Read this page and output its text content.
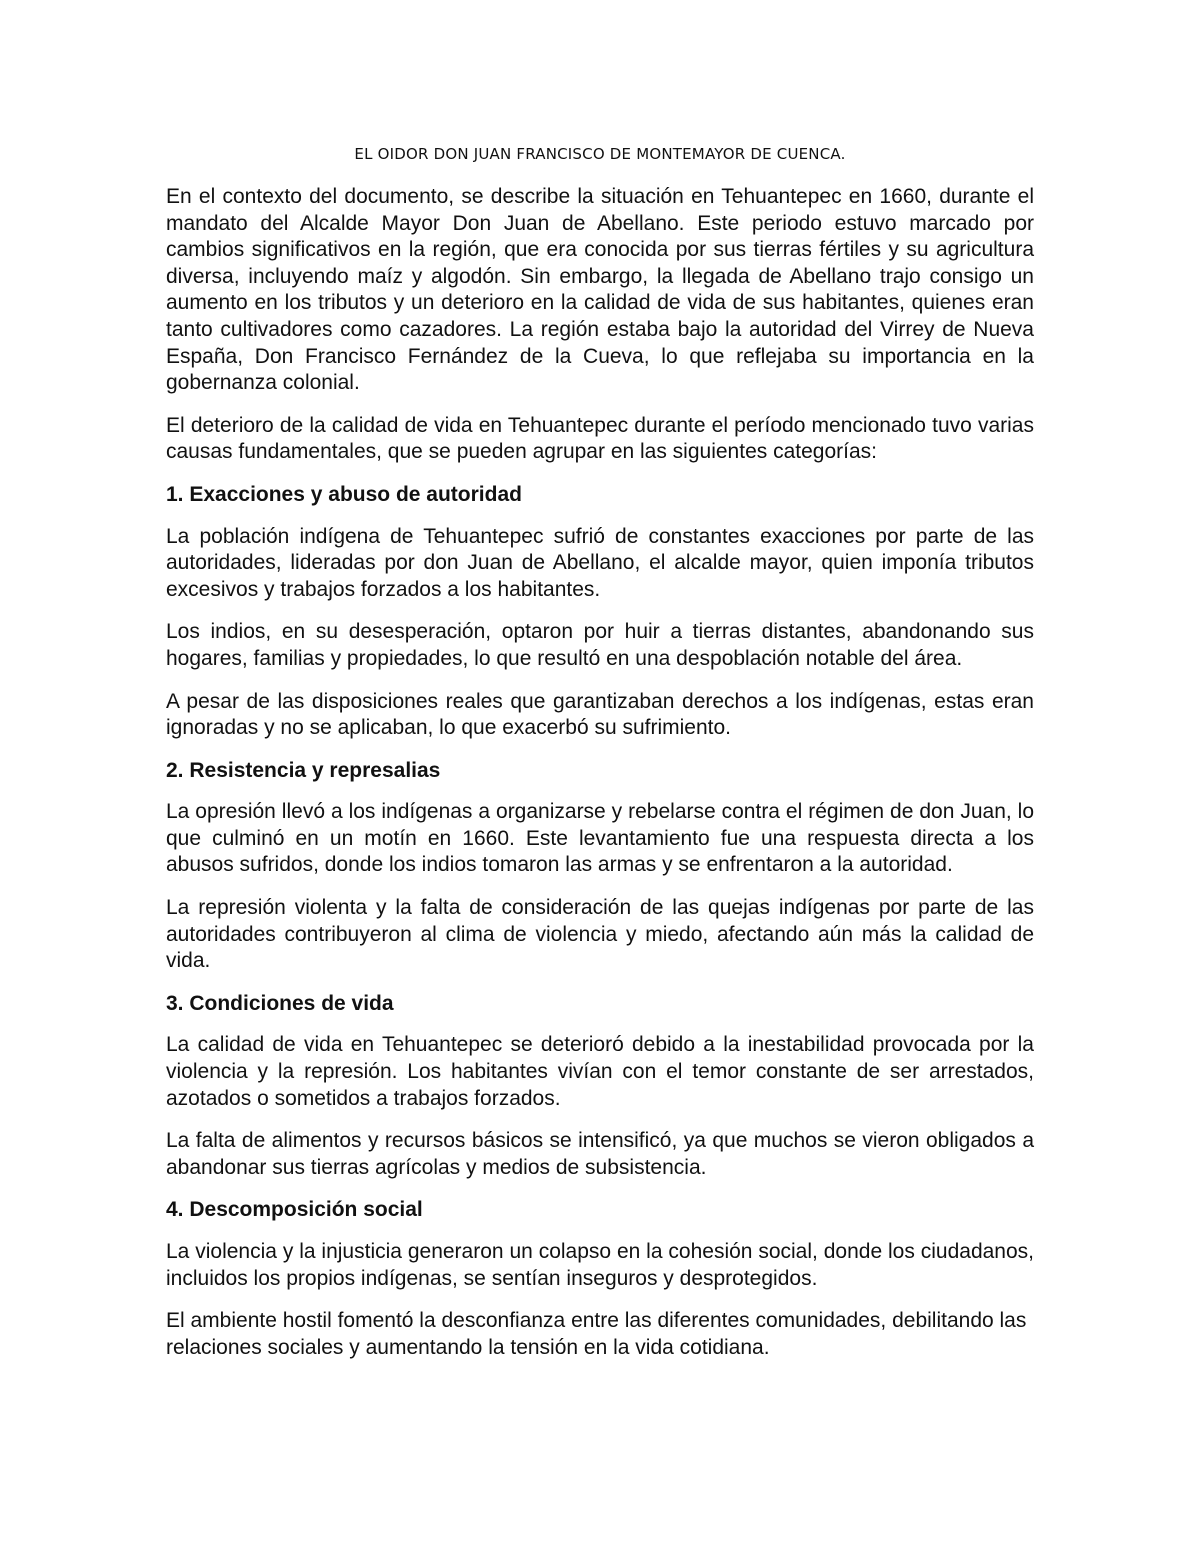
EL OIDOR DON JUAN FRANCISCO DE MONTEMAYOR DE CUENCA.

En el contexto del documento, se describe la situación en Tehuantepec en 1660, durante el mandato del Alcalde Mayor Don Juan de Abellano. Este periodo estuvo marcado por cambios significativos en la región, que era conocida por sus tierras fértiles y su agricultura diversa, incluyendo maíz y algodón. Sin embargo, la llegada de Abellano trajo consigo un aumento en los tributos y un deterioro en la calidad de vida de sus habitantes, quienes eran tanto cultivadores como cazadores. La región estaba bajo la autoridad del Virrey de Nueva España, Don Francisco Fernández de la Cueva, lo que reflejaba su importancia en la gobernanza colonial.

El deterioro de la calidad de vida en Tehuantepec durante el período mencionado tuvo varias causas fundamentales, que se pueden agrupar en las siguientes categorías:

1. Exacciones y abuso de autoridad

La población indígena de Tehuantepec sufrió de constantes exacciones por parte de las autoridades, lideradas por don Juan de Abellano, el alcalde mayor, quien imponía tributos excesivos y trabajos forzados a los habitantes.

Los indios, en su desesperación, optaron por huir a tierras distantes, abandonando sus hogares, familias y propiedades, lo que resultó en una despoblación notable del área.

A pesar de las disposiciones reales que garantizaban derechos a los indígenas, estas eran ignoradas y no se aplicaban, lo que exacerbó su sufrimiento.

2. Resistencia y represalias

La opresión llevó a los indígenas a organizarse y rebelarse contra el régimen de don Juan, lo que culminó en un motín en 1660. Este levantamiento fue una respuesta directa a los abusos sufridos, donde los indios tomaron las armas y se enfrentaron a la autoridad.

La represión violenta y la falta de consideración de las quejas indígenas por parte de las autoridades contribuyeron al clima de violencia y miedo, afectando aún más la calidad de vida.

3. Condiciones de vida

La calidad de vida en Tehuantepec se deterioró debido a la inestabilidad provocada por la violencia y la represión. Los habitantes vivían con el temor constante de ser arrestados, azotados o sometidos a trabajos forzados.

La falta de alimentos y recursos básicos se intensificó, ya que muchos se vieron obligados a abandonar sus tierras agrícolas y medios de subsistencia.

4. Descomposición social

La violencia y la injusticia generaron un colapso en la cohesión social, donde los ciudadanos, incluidos los propios indígenas, se sentían inseguros y desprotegidos.

El ambiente hostil fomentó la desconfianza entre las diferentes comunidades, debilitando las relaciones sociales y aumentando la tensión en la vida cotidiana.
